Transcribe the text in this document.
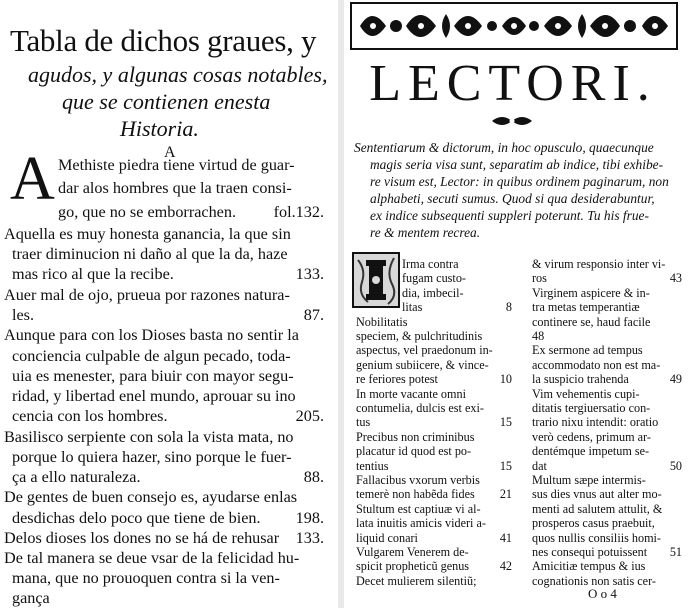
Tabla de dichos graues, y
agudos, y algunas cosas notables,
que se contienen enesta
Historia.
A
A Methiste piedra tiene virtud de guar-
dar alos hombres que la traen consi-
go, que no se emborrachen.	fol.132.
Aquella es muy honesta ganancia, la que sin
traer diminucion ni daño al que la da, haze
mas rico al que la recibe.	133.
Auer mal de ojo, prueua por razones natura-
les.	87.
Aunque para con los Dioses basta no sentir la
conciencia culpable de algun pecado, toda-
uia es menester, para biuir con mayor segu-
ridad, y libertad enel mundo, aprouar su ino
cencia con los hombres.	205.
Basilisco serpiente con sola la vista mata, no
porque lo quiera hazer, sino porque le fuer-
ça a ello naturaleza.	88.
De gentes de buen consejo es, ayudarse enlas
desdichas delo poco que tiene de bien.	198.
Delos dioses los dones no se há de rehusar	133.
De tal manera se deue vsar de la felicidad hu-
mana, que no prouoquen contra si la ven-
gança
LECTORI.
Sententiarum & dictorum, in hoc opusculo, quaecunque
magis seria visa sunt, separatim ab indice, tibi exhibe-
re visum est, Lector: in quibus ordinem paginarum, non
alphabeti, secuti sumus. Quod si qua desiderabuntur,
ex indice subsequenti suppleri poterunt. Tu his frue-
re & mentem recrea.
Irma contra
fugam custo-
dia, imbecil-
litas	8
Nobilitatis
speciem, & pulchritudinis
aspectus, vel praedonum in-
genium subiicere, & vince-
re feriores potest	10
In morte vacante omni
contumelia, dulcis est exi-
tus	15
Precibus non criminibus
placatur id quod est po-
tentius	15
Fallacibus vxorum verbis
temerè non habẽda fides	21
Stultum est captiuæ vi al-
lata inuitis amicis videri a-
liquid conari	41
Vulgarem Venerem de-
spicit propheticũ genus	42
Decet mulierem silentiũ;
& virum responsio inter vi-
ros	43
Virginem aspicere & in-
tra metas temperantiæ
continere se, haud facile
48
Ex sermone ad tempus
accommodato non est ma-
la suspicio trahenda	49
Vim vehementis cupi-
ditatis tergiuersatio con-
trario nixu intendit: oratio
verò cedens, primum ar-
dentémque impetum se-
dat	50
Multum sæpe intermis-
sus dies vnus aut alter mo-
menti ad salutem attulit, &
prosperos casus praebuit,
quos nullis consiliis homi-
nes consequi potuissent	51
Amicitiæ tempus & ius
cognationis non satis cer-
O o 4
